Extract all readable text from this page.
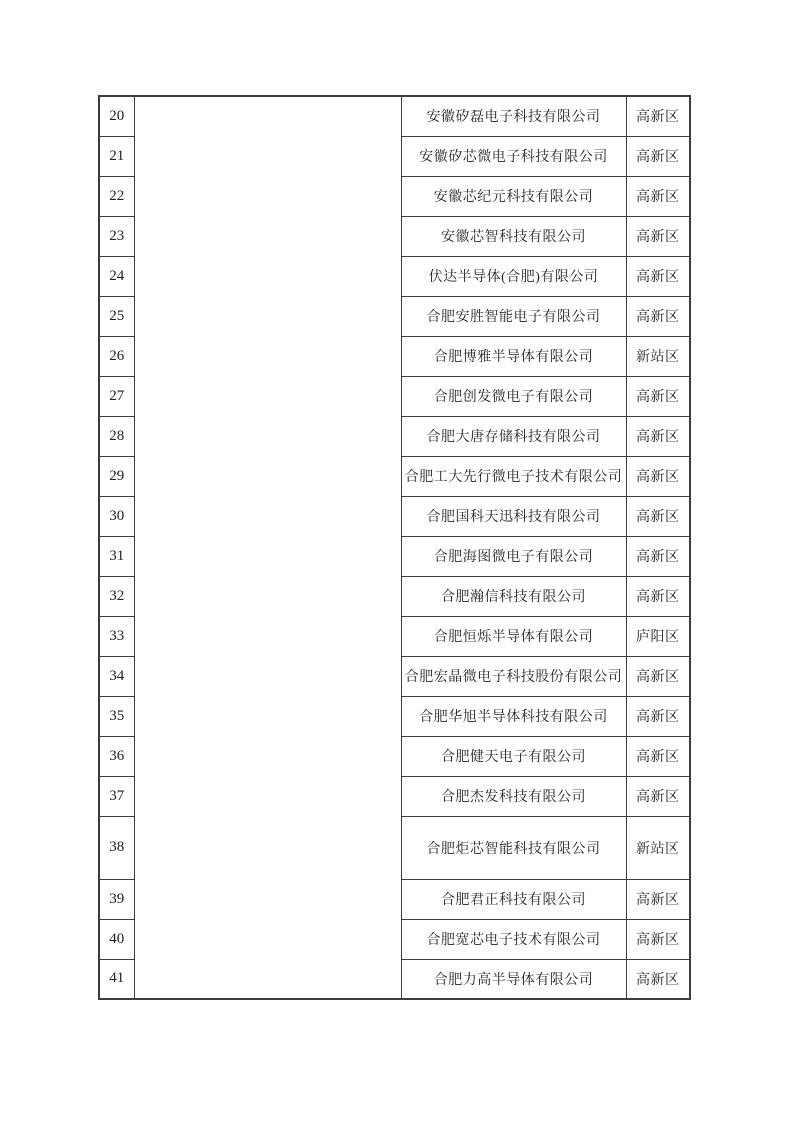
20		安徽矽磊电子科技有限公司	高新区
21		安徽矽芯微电子科技有限公司	高新区
22		安徽芯纪元科技有限公司	高新区
23		安徽芯智科技有限公司	高新区
24		伏达半导体(合肥)有限公司	高新区
25		合肥安胜智能电子有限公司	高新区
26		合肥博雅半导体有限公司	新站区
27		合肥创发微电子有限公司	高新区
28		合肥大唐存储科技有限公司	高新区
29		合肥工大先行微电子技术有限公司	高新区
30		合肥国科天迅科技有限公司	高新区
31		合肥海图微电子有限公司	高新区
32		合肥瀚信科技有限公司	高新区
33		合肥恒烁半导体有限公司	庐阳区
34		合肥宏晶微电子科技股份有限公司	高新区
35		合肥华旭半导体科技有限公司	高新区
36		合肥健天电子有限公司	高新区
37		合肥杰发科技有限公司	高新区
38		合肥炬芯智能科技有限公司	新站区
39		合肥君正科技有限公司	高新区
40		合肥宽芯电子技术有限公司	高新区
41		合肥力高半导体有限公司	高新区
